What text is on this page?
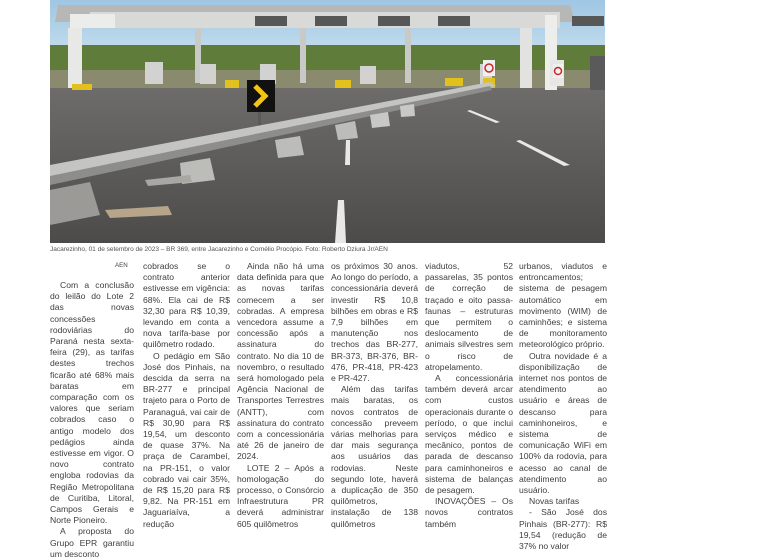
Jacarezinho, 01 de setembro de 2023 – BR 369, entre Jacarezinho e Cornélio Procópio. Foto: Roberto Dziura Jr/AEN
AEN

Com a conclusão do leilão do Lote 2 das novas concessões rodoviárias do Paraná nesta sexta-feira (29), as tarifas destes trechos ficarão até 68% mais baratas em comparação com os valores que seriam cobrados caso o antigo modelo dos pedágios ainda estivesse em vigor. O novo contrato engloba rodovias da Região Metropolitana de Curitiba, Litoral, Campos Gerais e Norte Pioneiro.

A proposta do Grupo EPR garantiu um desconto

cobrados se o contrato anterior estivesse em vigência: 68%. Ela cai de R$ 32,30 para R$ 10,39, levando em conta a nova tarifa-base por quilômetro rodado.

O pedágio em São José dos Pinhais, na descida da serra na BR-277 e principal trajeto para o Porto de Paranaguá, vai cair de R$ 30,90 para R$ 19,54, um desconto de quase 37%. Na praça de Carambeí, na PR-151, o valor cobrado vai cair 35%, de R$ 15,20 para R$ 9,82. Na PR-151 em Jaguariaíva, a redução

Ainda não há uma data definida para que as novas tarifas comecem a ser cobradas. A empresa vencedora assume a concessão após a assinatura do contrato. No dia 10 de novembro, o resultado será homologado pela Agência Nacional de Transportes Terrestres (ANTT), com assinatura do contrato com a concessionária até 26 de janeiro de 2024.

LOTE 2 – Após a homologação do processo, o Consórcio Infraestrutura PR deverá administrar 605 quilômetros

os próximos 30 anos. Ao longo do período, a concessionária deverá investir R$ 10,8 bilhões em obras e R$ 7,9 bilhões em manutenção nos trechos das BR-277, BR-373, BR-376, BR-476, PR-418, PR-423 e PR-427.

Além das tarifas mais baratas, os novos contratos de concessão preveem várias melhorias para dar mais segurança aos usuários das rodovias. Neste segundo lote, haverá a duplicação de 350 quilômetros, instalação de 138 quilômetros

viadutos, 52 passarelas, 35 pontos de correção de traçado e oito passa-faunas – estruturas que permitem o deslocamento de animais silvestres sem o risco de atropelamento.

A concessionária também deverá arcar com custos operacionais durante o período, o que inclui serviços médico e mecânico, pontos de parada de descanso para caminhoneiros e sistema de balanças de pesagem.

INOVAÇÕES – Os novos contratos também

urbanos, viadutos e entroncamentos; sistema de pesagem automático em movimento (WIM) de caminhões; e sistema de monitoramento meteorológico próprio.

Outra novidade é a disponibilização de internet nos pontos de atendimento ao usuário e áreas de descanso para caminhoneiros, e sistema de comunicação WiFi em 100% da rodovia, para acesso ao canal de atendimento ao usuário.

Novas tarifas

- São José dos Pinhais (BR-277): R$ 19,54 (redução de 37% no valor
